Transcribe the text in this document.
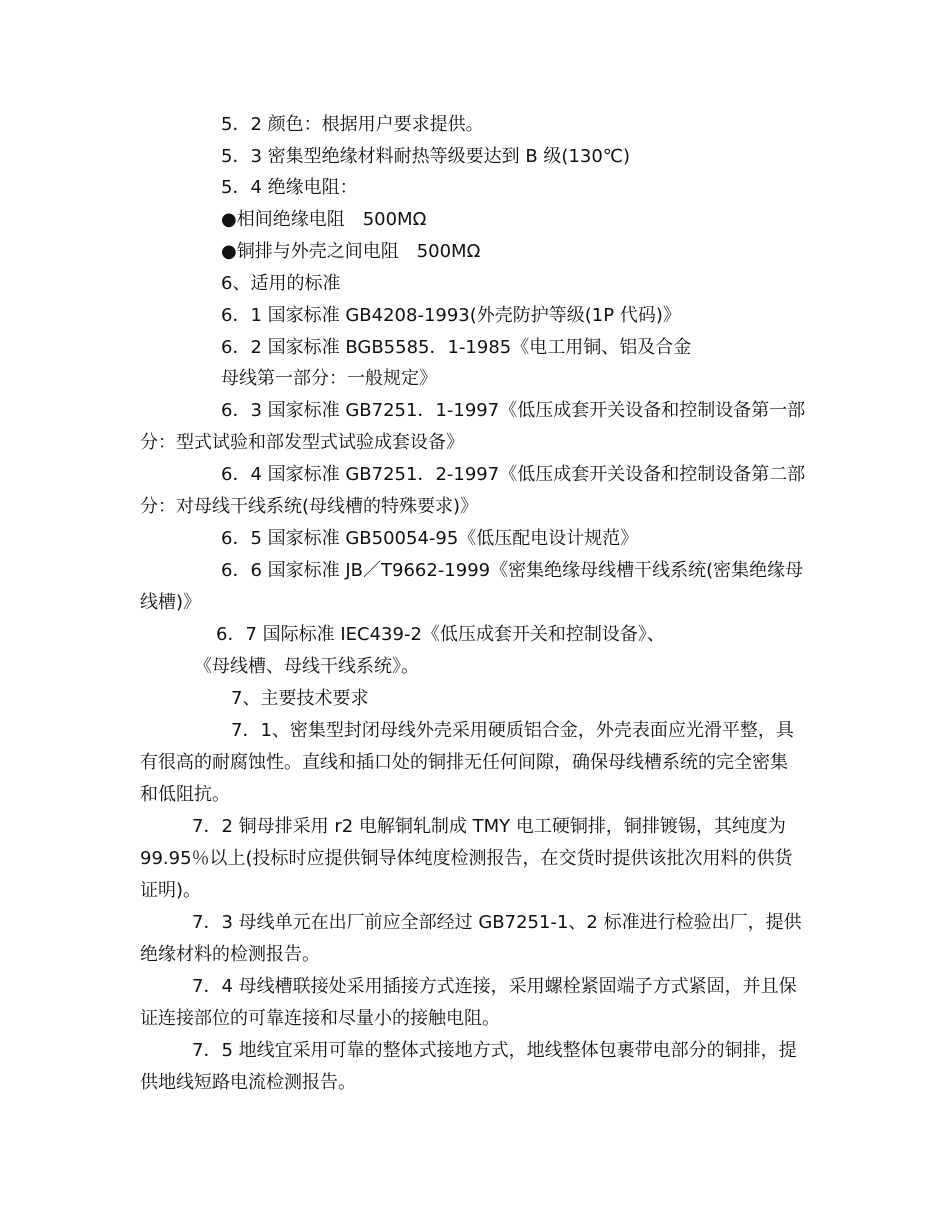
5．2 颜色：根据用户要求提供。
5．3 密集型绝缘材料耐热等级要达到 B 级(130℃)
5．4 绝缘电阻：
●相间绝缘电阻　500MΩ
●铜排与外壳之间电阻　500MΩ
6、适用的标准
6．1 国家标准 GB4208-1993(外壳防护等级(1P 代码)》
6．2 国家标准 BGB5585．1-1985《电工用铜、铝及合金
母线第一部分：一般规定》
6．3 国家标准 GB7251．1-1997《低压成套开关设备和控制设备第一部
分：型式试验和部发型式试验成套设备》
6．4 国家标准 GB7251．2-1997《低压成套开关设备和控制设备第二部
分：对母线干线系统(母线槽的特殊要求)》
6．5 国家标准 GB50054-95《低压配电设计规范》
6．6 国家标准 JB／T9662-1999《密集绝缘母线槽干线系统(密集绝缘母
线槽)》
6．7 国际标准 IEC439-2《低压成套开关和控制设备》、
《母线槽、母线干线系统》。
7、主要技术要求
7．1、密集型封闭母线外壳采用硬质铝合金，外壳表面应光滑平整，具
有很高的耐腐蚀性。直线和插口处的铜排无任何间隙，确保母线槽系统的完全密集
和低阻抗。
7．2 铜母排采用 r2 电解铜轧制成 TMY 电工硬铜排，铜排镀锡，其纯度为
99.95％以上(投标时应提供铜导体纯度检测报告，在交货时提供该批次用料的供货
证明)。
7．3 母线单元在出厂前应全部经过 GB7251-1、2 标准进行检验出厂，提供
绝缘材料的检测报告。
7．4 母线槽联接处采用插接方式连接，采用螺栓紧固端子方式紧固，并且保
证连接部位的可靠连接和尽量小的接触电阻。
7．5 地线宜采用可靠的整体式接地方式，地线整体包裹带电部分的铜排，提
供地线短路电流检测报告。
